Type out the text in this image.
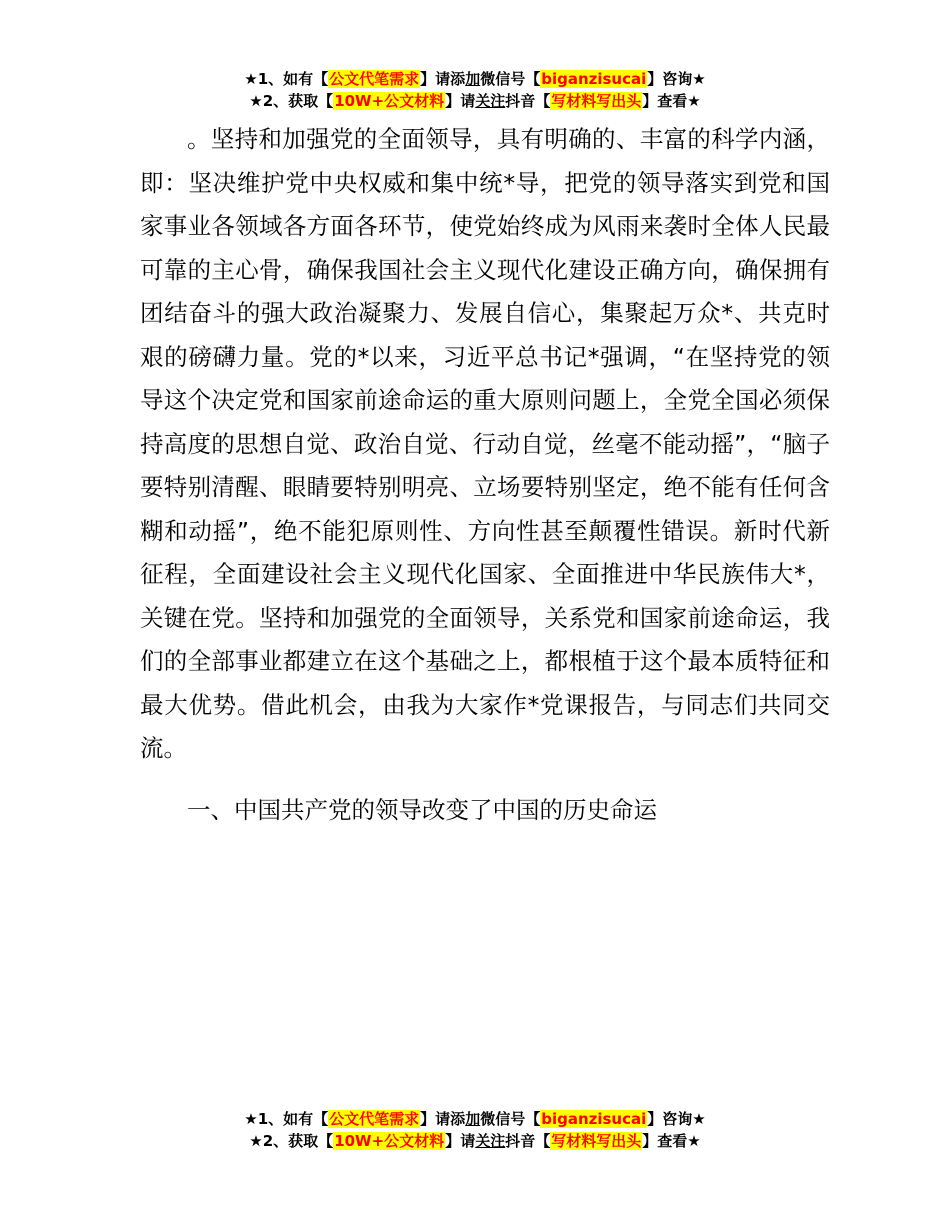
★1、如有【公文代笔需求】请添加微信号【biganzisucai】咨询★
★2、获取【10W+公文材料】请关注抖音【写材料写出头】查看★

。坚持和加强党的全面领导，具有明确的、丰富的科学内涵，即：坚决维护党中央权威和集中统*导，把党的领导落实到党和国家事业各领域各方面各环节，使党始终成为风雨来袭时全体人民最可靠的主心骨，确保我国社会主义现代化建设正确方向，确保拥有团结奋斗的强大政治凝聚力、发展自信心，集聚起万众*、共克时艰的磅礴力量。党的*以来，习近平总书记*强调，“在坚持党的领导这个决定党和国家前途命运的重大原则问题上，全党全国必须保持高度的思想自觉、政治自觉、行动自觉，丝毫不能动摇”，“脑子要特别清醒、眼睛要特别明亮、立场要特别坚定，绝不能有任何含糊和动摇”，绝不能犯原则性、方向性甚至颠覆性错误。新时代新征程，全面建设社会主义现代化国家、全面推进中华民族伟大*，关键在党。坚持和加强党的全面领导，关系党和国家前途命运，我们的全部事业都建立在这个基础之上，都根植于这个最本质特征和最大优势。借此机会，由我为大家作*党课报告，与同志们共同交流。

一、中国共产党的领导改变了中国的历史命运

★1、如有【公文代笔需求】请添加微信号【biganzisucai】咨询★
★2、获取【10W+公文材料】请关注抖音【写材料写出头】查看★
